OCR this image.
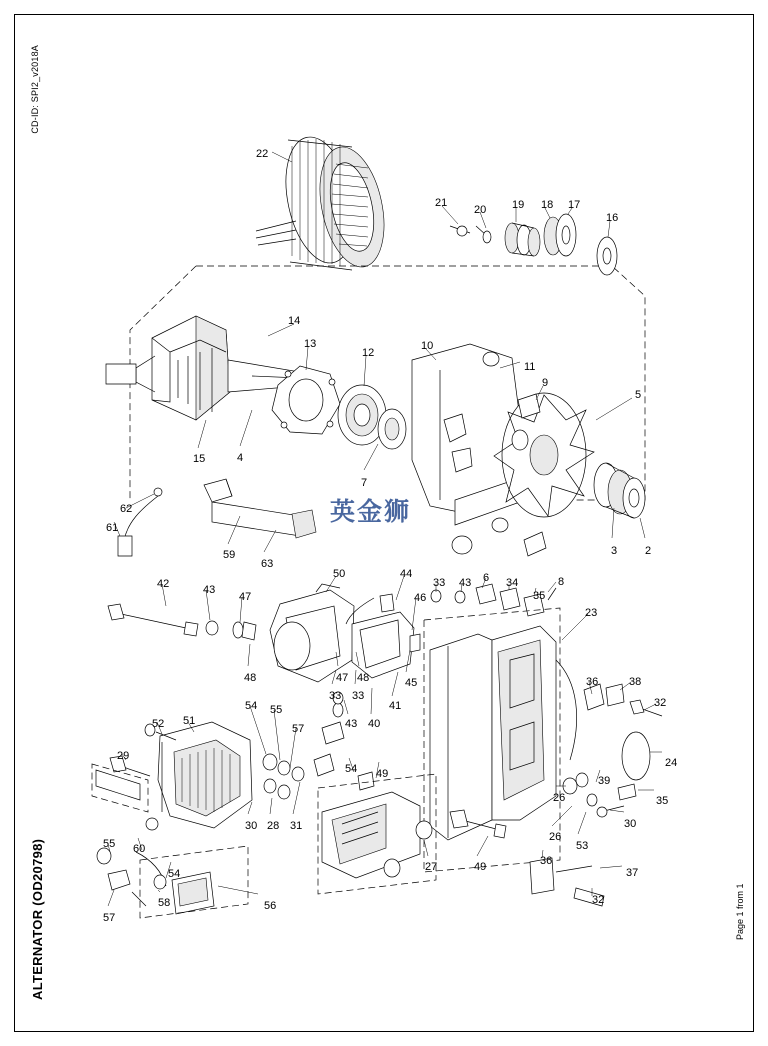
CD-ID: SPI2_v2018A
ALTERNATOR (OD20798)	Page 1 from 1
英金狮
22
21
20 19 18 17
16
14
13
12
10
11
9
5
15	4
7
3	2
62
61
59
63
50	44
33 43 6 34
35
8
46
42	43
47
48	47 48
33 33
45
41
40
43
23
36	38
32
24
39
35
26
26
53
30
36
37
32
54 55
57
52 51
29
54 49
30 28 31
55 60
54
57
58	56
27	49
